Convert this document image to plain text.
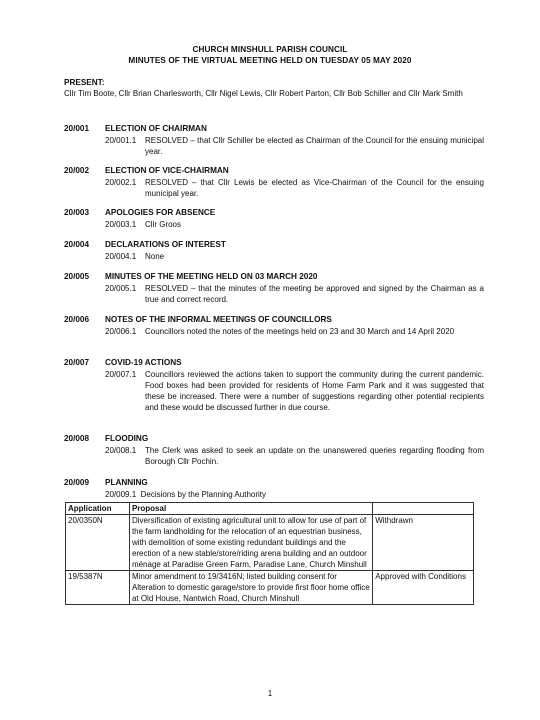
CHURCH MINSHULL PARISH COUNCIL
MINUTES OF THE VIRTUAL MEETING HELD ON TUESDAY 05 MAY 2020
PRESENT:
Cllr Tim Boote, Cllr Brian Charlesworth, Cllr Nigel Lewis, Cllr Robert Parton, Cllr Bob Schiller and Cllr Mark Smith
20/001 ELECTION OF CHAIRMAN
20/001.1 RESOLVED – that Cllr Schiller be elected as Chairman of the Council for the ensuing municipal year.
20/002 ELECTION OF VICE-CHAIRMAN
20/002.1 RESOLVED – that Cllr Lewis be elected as Vice-Chairman of the Council for the ensuing municipal year.
20/003 APOLOGIES FOR ABSENCE
20/003.1 Cllr Groos
20/004 DECLARATIONS OF INTEREST
20/004.1 None
20/005 MINUTES OF THE MEETING HELD ON 03 MARCH 2020
20/005.1 RESOLVED – that the minutes of the meeting be approved and signed by the Chairman as a true and correct record.
20/006 NOTES OF THE INFORMAL MEETINGS OF COUNCILLORS
20/006.1 Councillors noted the notes of the meetings held on 23 and 30 March and 14 April 2020
20/007 COVID-19 ACTIONS
20/007.1 Councillors reviewed the actions taken to support the community during the current pandemic. Food boxes had been provided for residents of Home Farm Park and it was suggested that these be increased. There were a number of suggestions regarding other potential recipients and these would be discussed further in due course.
20/008 FLOODING
20/008.1 The Clerk was asked to seek an update on the unanswered queries regarding flooding from Borough Cllr Pochin.
20/009 PLANNING
20/009.1 Decisions by the Planning Authority
Application	Proposal	
20/0350N	Diversification of existing agricultural unit to allow for use of part of the farm landholding for the relocation of an equestrian business, with demolition of some existing redundant buildings and the erection of a new stable/store/riding arena building and an outdoor ménage at Paradise Green Farm, Paradise Lane, Church Minshull	Withdrawn
19/5387N	Minor amendment to 19/3416N; listed building consent for Alteration to domestic garage/store to provide first floor home office at Old House, Nantwich Road, Church Minshull	Approved with Conditions
1
